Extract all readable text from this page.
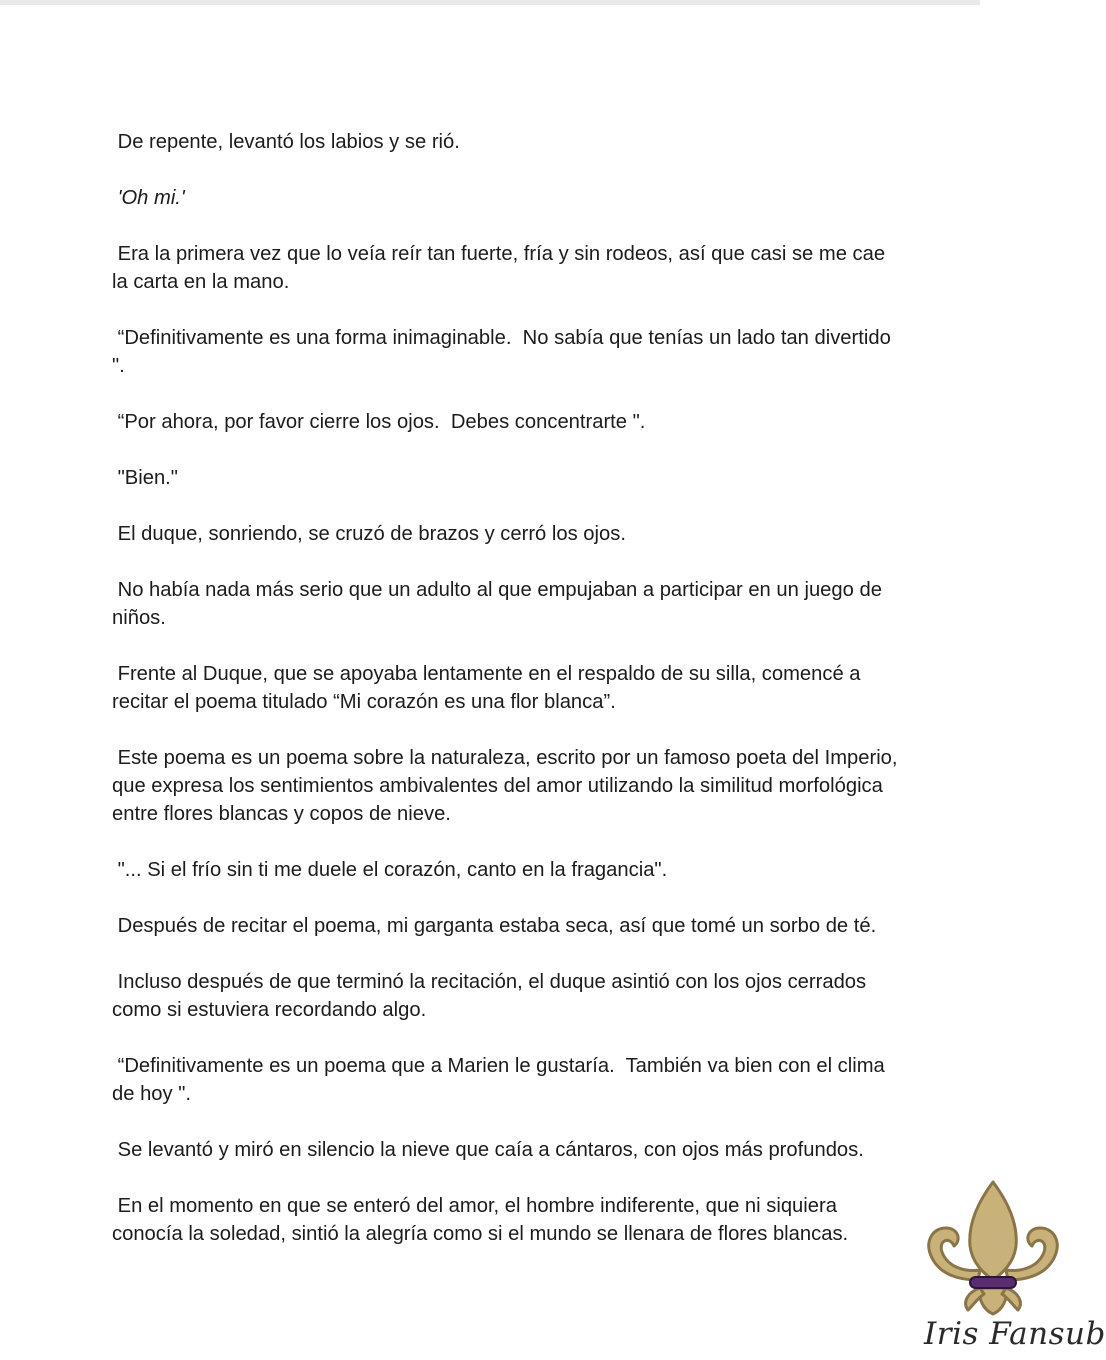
De repente, levantó los labios y se rió.

'Oh mi.'

Era la primera vez que lo veía reír tan fuerte, fría y sin rodeos, así que casi se me cae
la carta en la mano.

“Definitivamente es una forma inimaginable.  No sabía que tenías un lado tan divertido
".

“Por ahora, por favor cierre los ojos.  Debes concentrarte ".

"Bien."

El duque, sonriendo, se cruzó de brazos y cerró los ojos.

No había nada más serio que un adulto al que empujaban a participar en un juego de
niños.

Frente al Duque, que se apoyaba lentamente en el respaldo de su silla, comencé a
recitar el poema titulado “Mi corazón es una flor blanca”.

Este poema es un poema sobre la naturaleza, escrito por un famoso poeta del Imperio,
que expresa los sentimientos ambivalentes del amor utilizando la similitud morfológica
entre flores blancas y copos de nieve.

"... Si el frío sin ti me duele el corazón, canto en la fragancia".

Después de recitar el poema, mi garganta estaba seca, así que tomé un sorbo de té.

Incluso después de que terminó la recitación, el duque asintió con los ojos cerrados
como si estuviera recordando algo.

“Definitivamente es un poema que a Marien le gustaría.  También va bien con el clima
de hoy ".

Se levantó y miró en silencio la nieve que caía a cántaros, con ojos más profundos.

En el momento en que se enteró del amor, el hombre indiferente, que ni siquiera
conocía la soledad, sintió la alegría como si el mundo se llenara de flores blancas.

Iris Fansub
